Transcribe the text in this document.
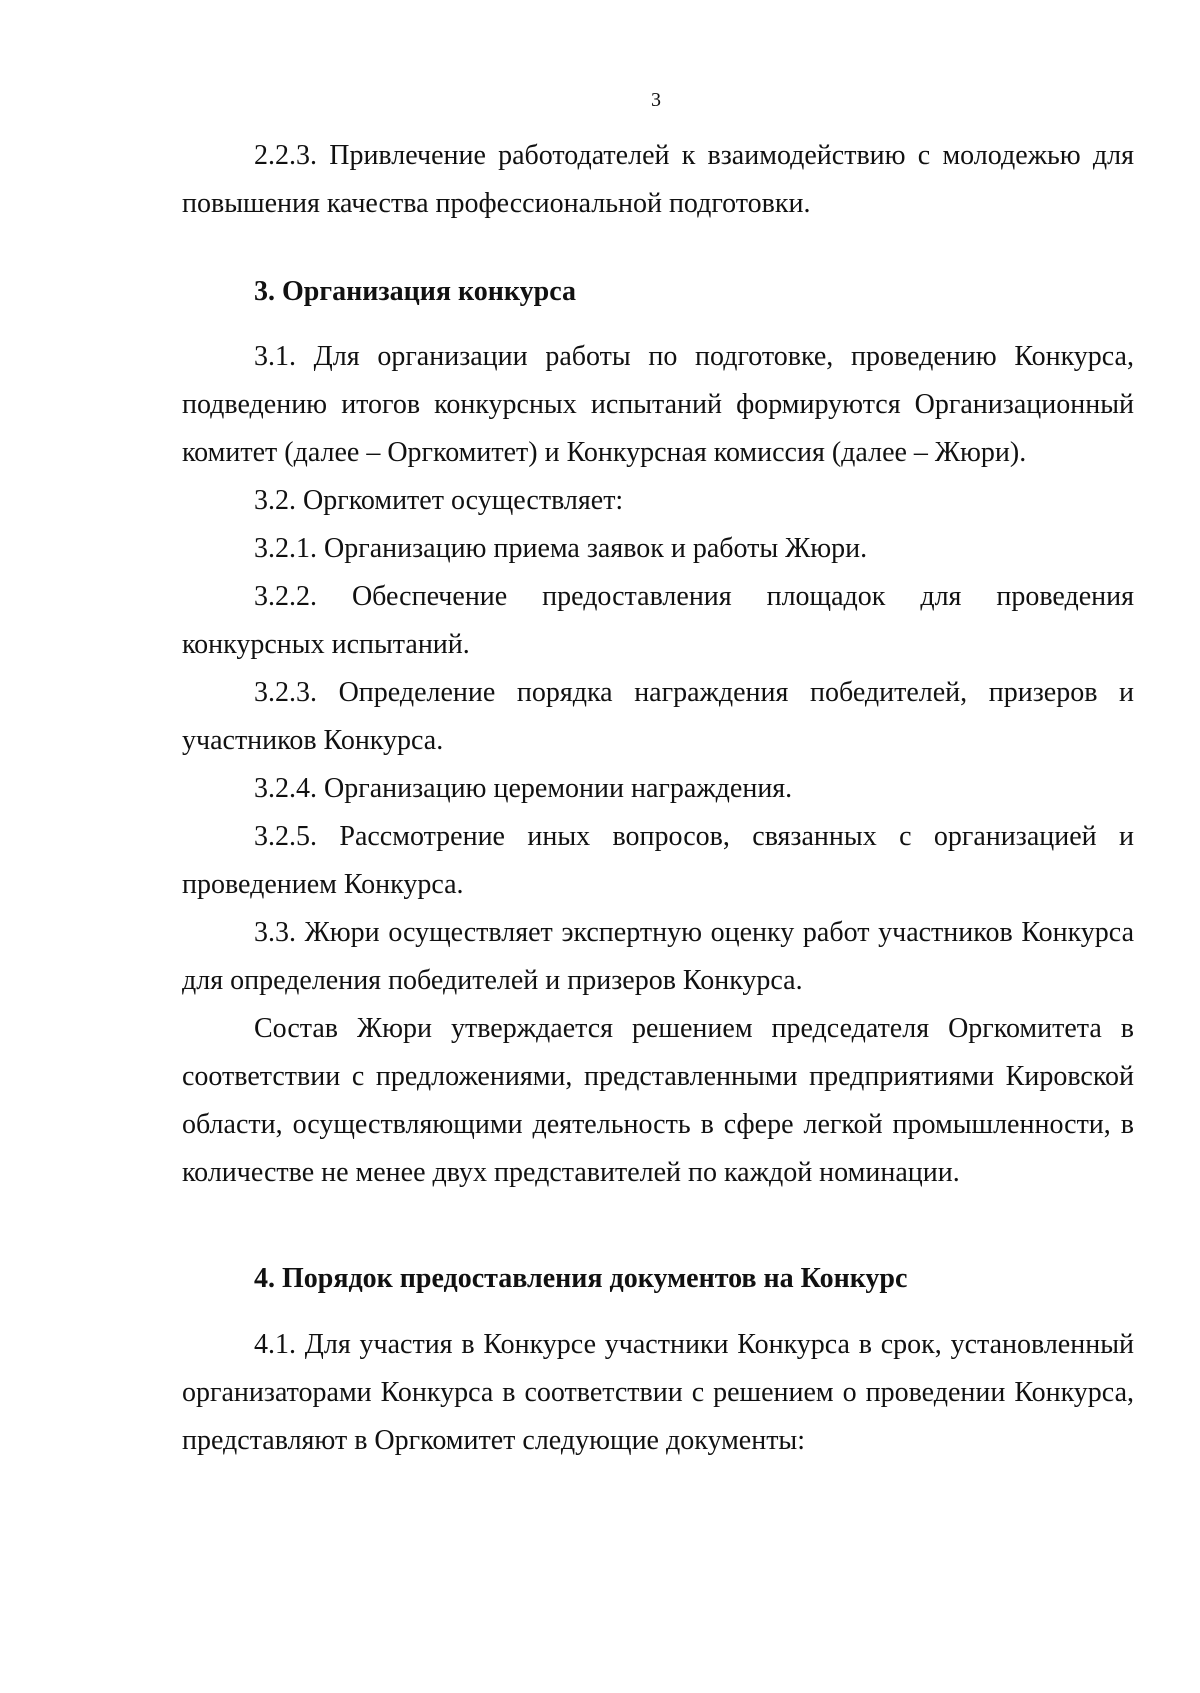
3

2.2.3. Привлечение работодателей к взаимодействию с молодежью для повышения качества профессиональной подготовки.

3. Организация конкурса

3.1. Для организации работы по подготовке, проведению Конкурса, подведению итогов конкурсных испытаний формируются Организационный комитет (далее – Оргкомитет) и Конкурсная комиссия (далее – Жюри).

3.2. Оргкомитет осуществляет:

3.2.1. Организацию приема заявок и работы Жюри.

3.2.2. Обеспечение предоставления площадок для проведения конкурсных испытаний.

3.2.3. Определение порядка награждения победителей, призеров и участников Конкурса.

3.2.4. Организацию церемонии награждения.

3.2.5. Рассмотрение иных вопросов, связанных с организацией и проведением Конкурса.

3.3. Жюри осуществляет экспертную оценку работ участников Конкурса для определения победителей и призеров Конкурса.

Состав Жюри утверждается решением председателя Оргкомитета в соответствии с предложениями, представленными предприятиями Кировской области, осуществляющими деятельность в сфере легкой промышленности, в количестве не менее двух представителей по каждой номинации.

4. Порядок предоставления документов на Конкурс

4.1. Для участия в Конкурсе участники Конкурса в срок, установленный организаторами Конкурса в соответствии с решением о проведении Конкурса, представляют в Оргкомитет следующие документы:
